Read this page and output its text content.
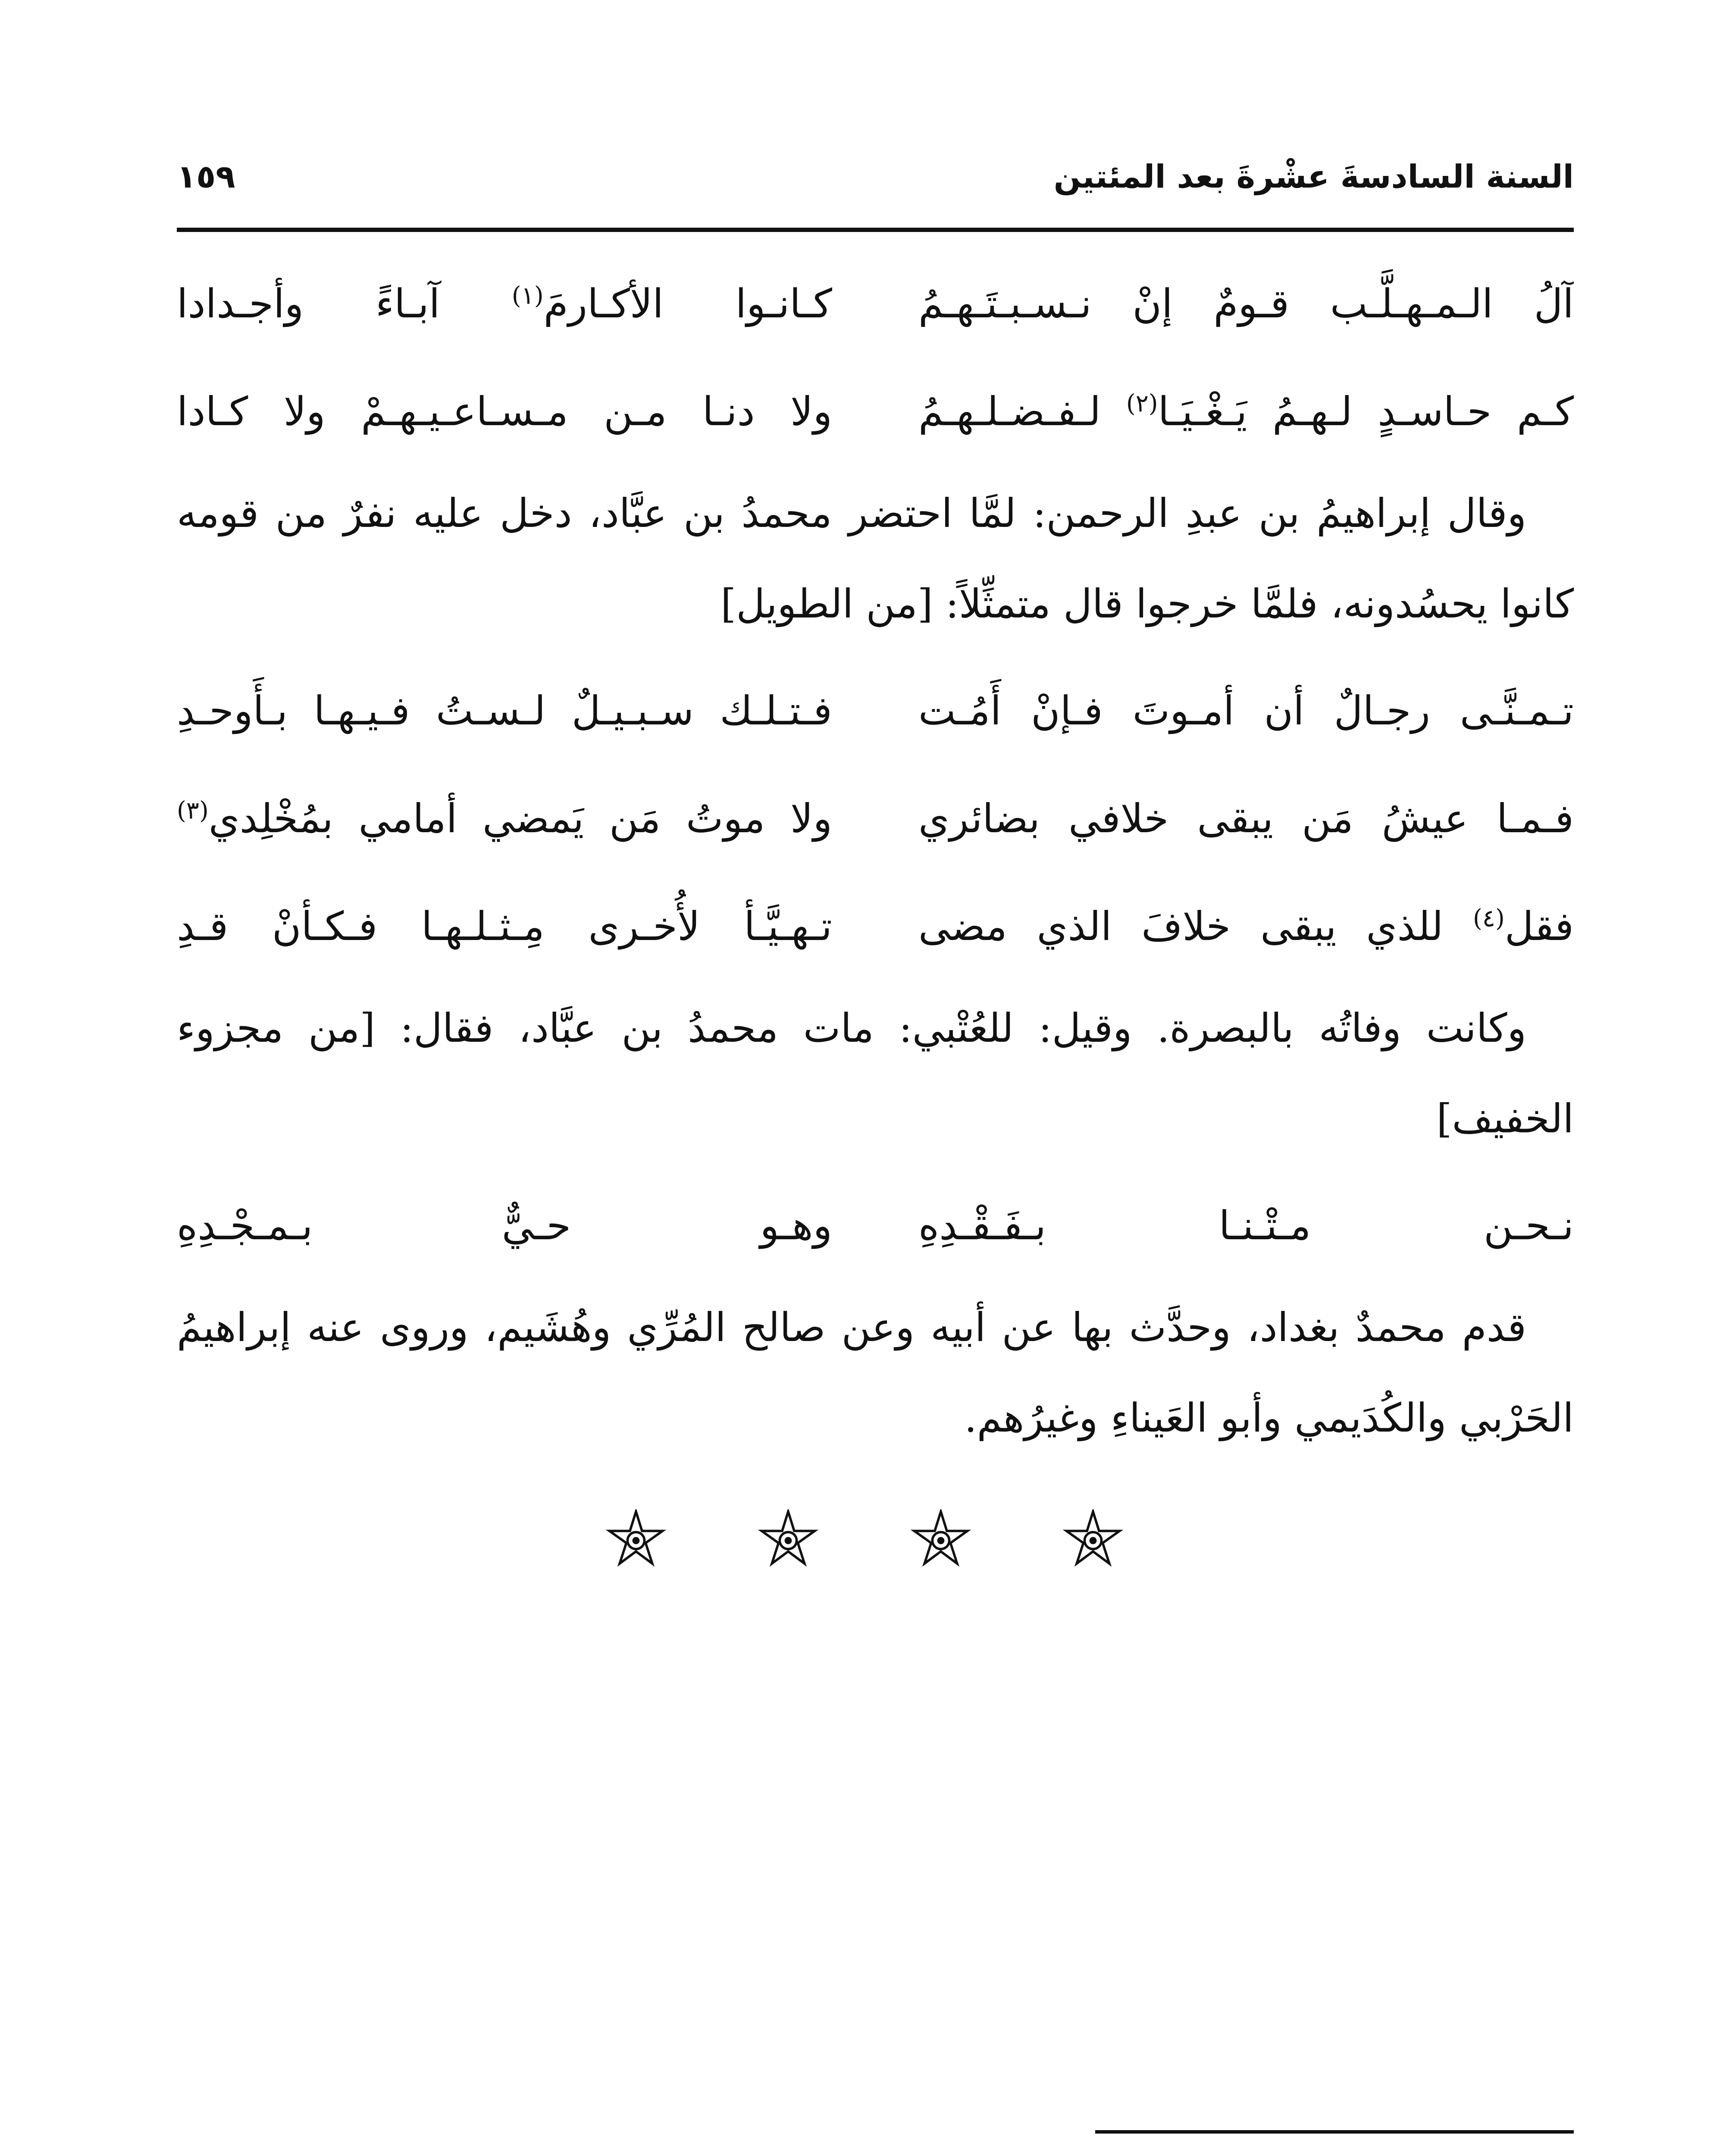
السنة السادسةَ عشْرةَ بعد المئتين
١٥٩
آلُ الـمـهـلَّـب قـومٌ إنْ نـسـبـتَـهـمُ
كـانـوا الأكـارمَ$^{(١)}$ آبـاءً وأجـدادا
كـم حـاسـدٍ لـهـمُ يَـغْـيَـا$^{(٢)}$ لـفـضـلـهـمُ
ولا دنـا مـن مـسـاعـيـهـمْ ولا كـادا

وقال إبراهيمُ بن عبدِ الرحمن: لمَّا احتضر محمدُ بن عبَّاد، دخل عليه نفرٌ من قومه كانوا يحسُدونه، فلمَّا خرجوا قال متمثِّلاً: [من الطويل]

تـمـنَّـى رجـالٌ أن أمـوتَ فـإنْ أَمُـت
فـتـلـك سـبـيـلٌ لـسـتُ فـيـهـا بـأَوحـدِ
فـمـا عيشُ مَن يبقى خلافي بضائري
ولا موتُ مَن يَمضي أمامي بمُخْلِدي$^{(٣)}$
فقل$^{(٤)}$ للذي يبقى خلافَ الذي مضى
تـهـيَّـأ لأُخـرى مِـثـلـهـا فـكـأنْ قـدِ

وكانت وفاتُه بالبصرة. وقيل: للعُتْبي: مات محمدُ بن عبَّاد، فقال: [من مجزوء الخفيف]

نـحـن مـتْـنـا بـفَـقْـدِهِ
وهـو حـيٌّ بـمـجْـدِهِ

قدم محمدٌ بغداد، وحدَّث بها عن أبيه وعن صالح المُرِّي وهُشَيم، وروى عنه إبراهيمُ الحَرْبي والكُدَيمي وأبو العَيناءِ وغيرُهم.
